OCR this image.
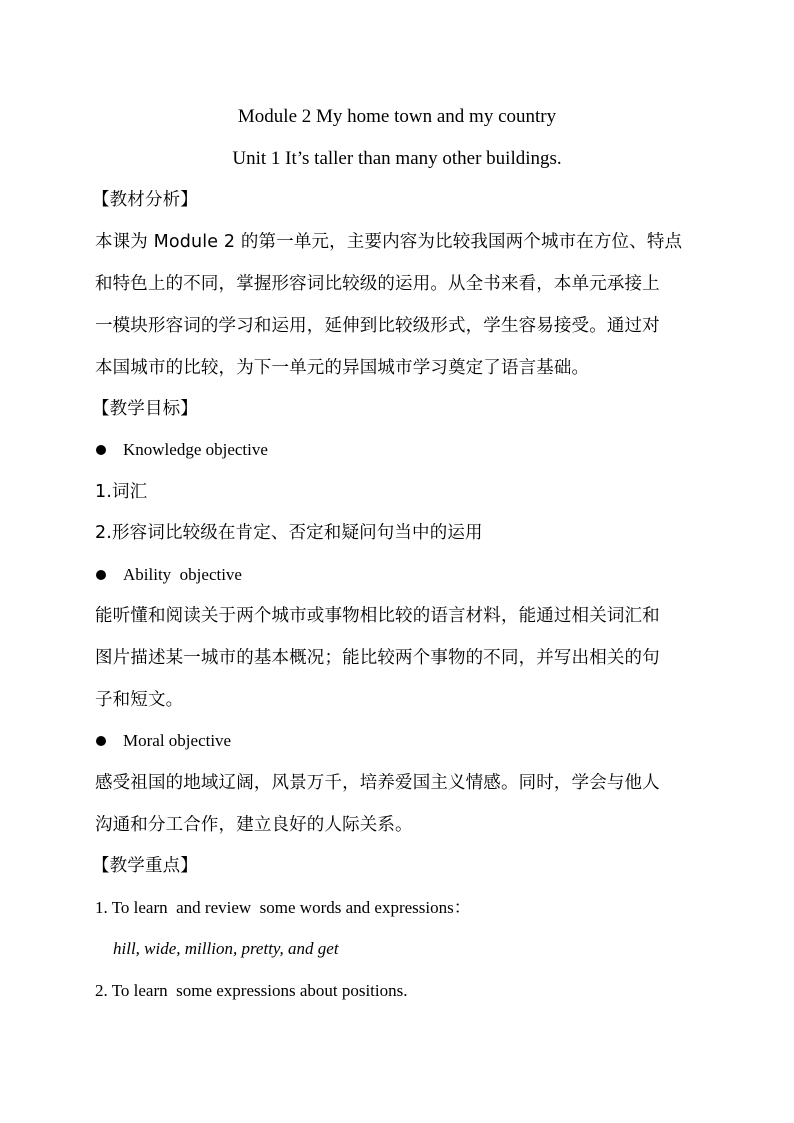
Module 2 My home town and my country
Unit 1 It’s taller than many other buildings.
【教材分析】
本课为 Module 2 的第一单元，主要内容为比较我国两个城市在方位、特点
和特色上的不同，掌握形容词比较级的运用。从全书来看，本单元承接上
一模块形容词的学习和运用，延伸到比较级形式，学生容易接受。通过对
本国城市的比较，为下一单元的异国城市学习奠定了语言基础。
【教学目标】
Knowledge objective
1.词汇
2.形容词比较级在肯定、否定和疑问句当中的运用
Ability  objective
能听懂和阅读关于两个城市或事物相比较的语言材料，能通过相关词汇和
图片描述某一城市的基本概况；能比较两个事物的不同，并写出相关的句
子和短文。
Moral objective
感受祖国的地域辽阔，风景万千，培养爱国主义情感。同时，学会与他人
沟通和分工合作，建立良好的人际关系。
【教学重点】
1. To learn  and review  some words and expressions：
hill, wide, million, pretty, and get
2. To learn  some expressions about positions.
